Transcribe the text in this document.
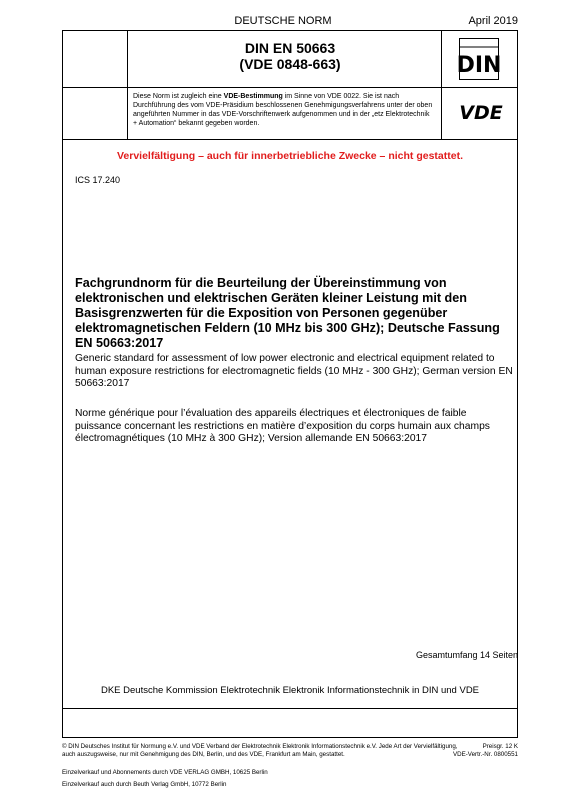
DEUTSCHE NORM	April 2019
DIN EN 50663
(VDE 0848-663)	DIN
VDE
Diese Norm ist zugleich eine VDE-Bestimmung im Sinne von VDE 0022. Sie ist nach Durchführung des vom VDE-Präsidium beschlossenen Genehmigungsverfahrens unter der oben angeführten Nummer in das VDE-Vorschriftenwerk aufgenommen und in der „etz Elektrotechnik + Automation“ bekannt gegeben worden.
Vervielfältigung – auch für innerbetriebliche Zwecke – nicht gestattet.
ICS 17.240
Fachgrundnorm für die Beurteilung der Übereinstimmung von elektronischen und elektrischen Geräten kleiner Leistung mit den Basisgrenzwerten für die Exposition von Personen gegenüber elektromagnetischen Feldern (10 MHz bis 300 GHz); Deutsche Fassung EN 50663:2017
Generic standard for assessment of low power electronic and electrical equipment related to human exposure restrictions for electromagnetic fields (10 MHz - 300 GHz); German version EN 50663:2017
Norme générique pour l’évaluation des appareils électriques et électroniques de faible puissance concernant les restrictions en matière d’exposition du corps humain aux champs électromagnétiques (10 MHz à 300 GHz); Version allemande EN 50663:2017
Gesamtumfang 14 Seiten
DKE Deutsche Kommission Elektrotechnik Elektronik Informationstechnik in DIN und VDE
© DIN Deutsches Institut für Normung e.V. und VDE Verband der Elektrotechnik Elektronik Informationstechnik e.V. Jede Art der Vervielfältigung, auch auszugsweise, nur mit Genehmigung des DIN, Berlin, und des VDE, Frankfurt am Main, gestattet.
Preisgr. 12 K
VDE-Vertr.-Nr. 0800551
Einzelverkauf und Abonnements durch VDE VERLAG GMBH, 10625 Berlin
Einzelverkauf auch durch Beuth Verlag GmbH, 10772 Berlin
